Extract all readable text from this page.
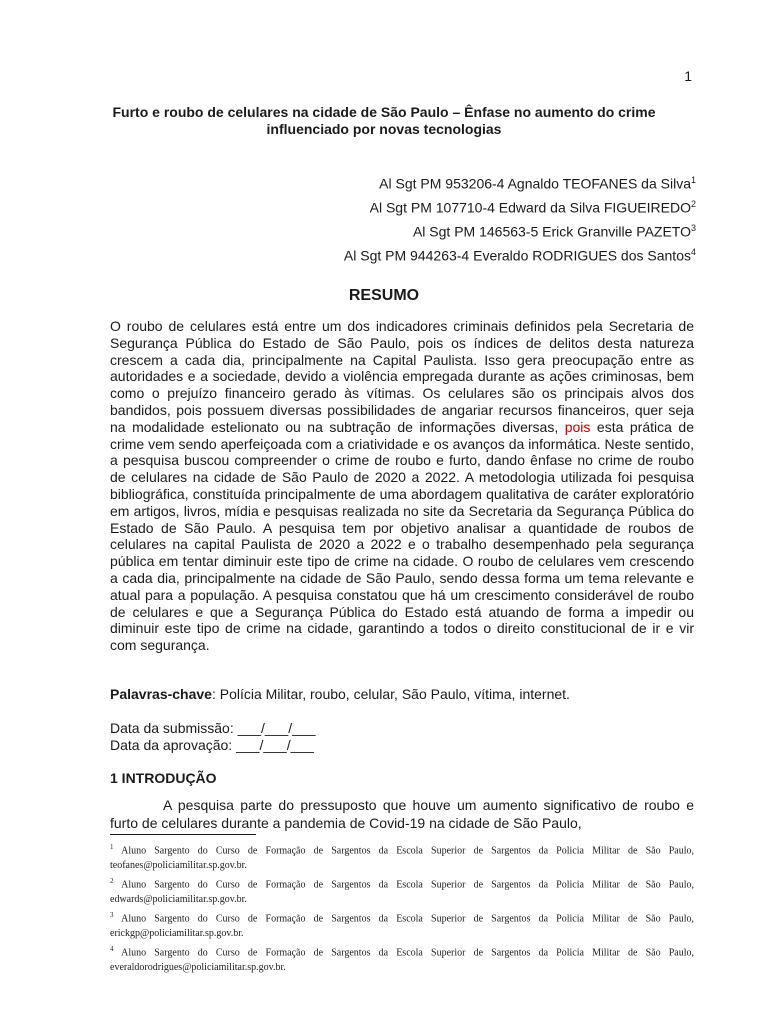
1
Furto e roubo de celulares na cidade de São Paulo – Ênfase no aumento do crime influenciado por novas tecnologias
Al Sgt PM 953206-4 Agnaldo TEOFANES da Silva$^1$
Al Sgt PM 107710-4 Edward da Silva FIGUEIREDO$^2$
Al Sgt PM 146563-5 Erick Granville PAZETO$^3$
Al Sgt PM 944263-4 Everaldo RODRIGUES dos Santos$^4$
RESUMO

O roubo de celulares está entre um dos indicadores criminais definidos pela Secretaria de Segurança Pública do Estado de São Paulo, pois os índices de delitos desta natureza crescem a cada dia, principalmente na Capital Paulista. Isso gera preocupação entre as autoridades e a sociedade, devido a violência empregada durante as ações criminosas, bem como o prejuízo financeiro gerado às vítimas. Os celulares são os principais alvos dos bandidos, pois possuem diversas possibilidades de angariar recursos financeiros, quer seja na modalidade estelionato ou na subtração de informações diversas, pois esta prática de crime vem sendo aperfeiçoada com a criatividade e os avanços da informática. Neste sentido, a pesquisa buscou compreender o crime de roubo e furto, dando ênfase no crime de roubo de celulares na cidade de São Paulo de 2020 a 2022. A metodologia utilizada foi pesquisa bibliográfica, constituída principalmente de uma abordagem qualitativa de caráter exploratório em artigos, livros, mídia e pesquisas realizada no site da Secretaria da Segurança Pública do Estado de São Paulo. A pesquisa tem por objetivo analisar a quantidade de roubos de celulares na capital Paulista de 2020 a 2022 e o trabalho desempenhado pela segurança pública em tentar diminuir este tipo de crime na cidade. O roubo de celulares vem crescendo a cada dia, principalmente na cidade de São Paulo, sendo dessa forma um tema relevante e atual para a população. A pesquisa constatou que há um crescimento considerável de roubo de celulares e que a Segurança Pública do Estado está atuando de forma a impedir ou diminuir este tipo de crime na cidade, garantindo a todos o direito constitucional de ir e vir com segurança.

Palavras-chave: Polícia Militar, roubo, celular, São Paulo, vítima, internet.
Data da submissão: ___/___/___
Data da aprovação: ___/___/___
1 INTRODUÇÃO

A pesquisa parte do pressuposto que houve um aumento significativo de roubo e furto de celulares durante a pandemia de Covid-19 na cidade de São Paulo,

$^1$ Aluno Sargento do Curso de Formação de Sargentos da Escola Superior de Sargentos da Policia Militar de São Paulo, teofanes@policiamilitar.sp.gov.br.

$^2$ Aluno Sargento do Curso de Formação de Sargentos da Escola Superior de Sargentos da Policia Militar de São Paulo, edwards@policiamilitar.sp.gov.br.

$^3$ Aluno Sargento do Curso de Formação de Sargentos da Escola Superior de Sargentos da Policia Militar de São Paulo, erickgp@policiamilitar.sp.gov.br.

$^4$ Aluno Sargento do Curso de Formação de Sargentos da Escola Superior de Sargentos da Policia Militar de São Paulo, everaldorodrigues@policiamilitar.sp.gov.br.
